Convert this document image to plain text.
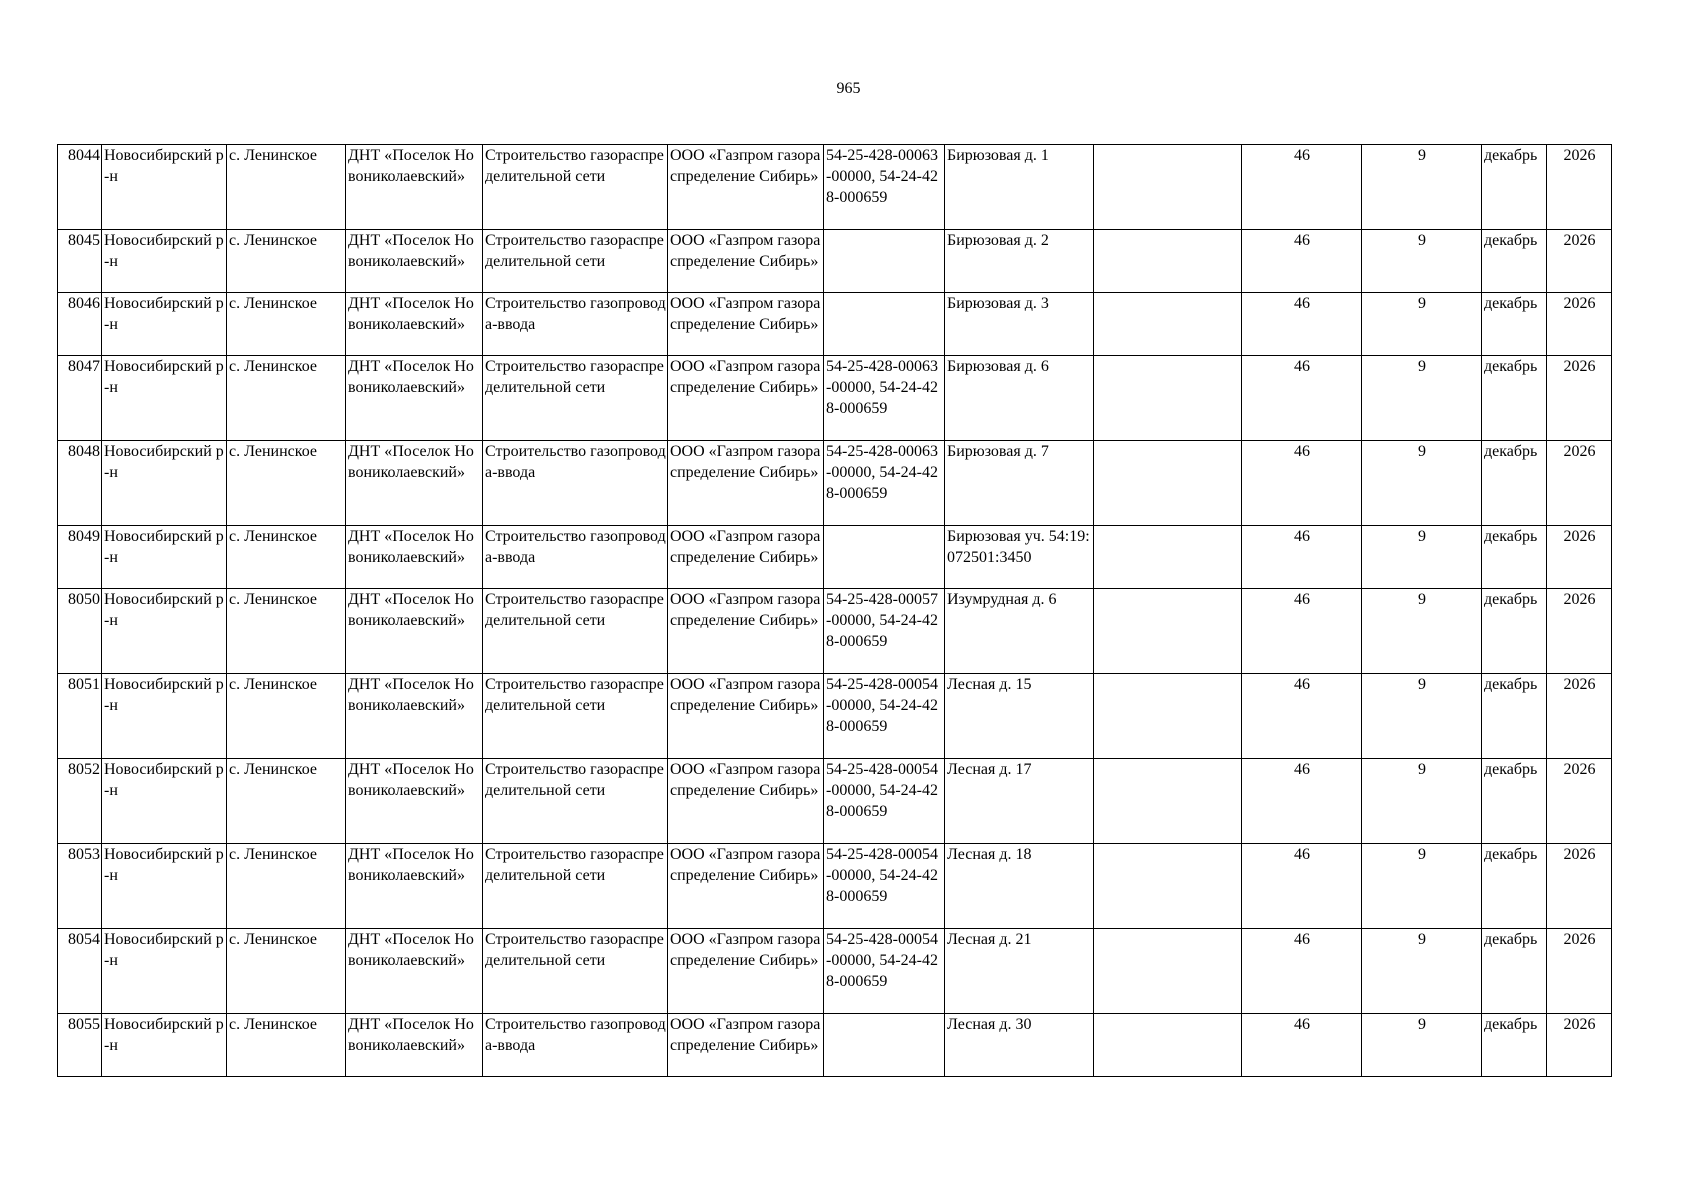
965
8044	Новосибирский р-н	с. Ленинское	ДНТ «Поселок Новониколаевский»	Строительство газораспределительной сети	ООО «Газпром газораспределение Сибирь»	54-25-428-00063-00000, 54-24-428-000659	Бирюзовая д. 1		46	9	декабрь	2026
8045	Новосибирский р-н	с. Ленинское	ДНТ «Поселок Новониколаевский»	Строительство газораспределительной сети	ООО «Газпром газораспределение Сибирь»		Бирюзовая д. 2		46	9	декабрь	2026
8046	Новосибирский р-н	с. Ленинское	ДНТ «Поселок Новониколаевский»	Строительство газопровода-ввода	ООО «Газпром газораспределение Сибирь»		Бирюзовая д. 3		46	9	декабрь	2026
8047	Новосибирский р-н	с. Ленинское	ДНТ «Поселок Новониколаевский»	Строительство газораспределительной сети	ООО «Газпром газораспределение Сибирь»	54-25-428-00063-00000, 54-24-428-000659	Бирюзовая д. 6		46	9	декабрь	2026
8048	Новосибирский р-н	с. Ленинское	ДНТ «Поселок Новониколаевский»	Строительство газопровода-ввода	ООО «Газпром газораспределение Сибирь»	54-25-428-00063-00000, 54-24-428-000659	Бирюзовая д. 7		46	9	декабрь	2026
8049	Новосибирский р-н	с. Ленинское	ДНТ «Поселок Новониколаевский»	Строительство газопровода-ввода	ООО «Газпром газораспределение Сибирь»		Бирюзовая уч. 54:19:072501:3450		46	9	декабрь	2026
8050	Новосибирский р-н	с. Ленинское	ДНТ «Поселок Новониколаевский»	Строительство газораспределительной сети	ООО «Газпром газораспределение Сибирь»	54-25-428-00057-00000, 54-24-428-000659	Изумрудная д. 6		46	9	декабрь	2026
8051	Новосибирский р-н	с. Ленинское	ДНТ «Поселок Новониколаевский»	Строительство газораспределительной сети	ООО «Газпром газораспределение Сибирь»	54-25-428-00054-00000, 54-24-428-000659	Лесная д. 15		46	9	декабрь	2026
8052	Новосибирский р-н	с. Ленинское	ДНТ «Поселок Новониколаевский»	Строительство газораспределительной сети	ООО «Газпром газораспределение Сибирь»	54-25-428-00054-00000, 54-24-428-000659	Лесная д. 17		46	9	декабрь	2026
8053	Новосибирский р-н	с. Ленинское	ДНТ «Поселок Новониколаевский»	Строительство газораспределительной сети	ООО «Газпром газораспределение Сибирь»	54-25-428-00054-00000, 54-24-428-000659	Лесная д. 18		46	9	декабрь	2026
8054	Новосибирский р-н	с. Ленинское	ДНТ «Поселок Новониколаевский»	Строительство газораспределительной сети	ООО «Газпром газораспределение Сибирь»	54-25-428-00054-00000, 54-24-428-000659	Лесная д. 21		46	9	декабрь	2026
8055	Новосибирский р-н	с. Ленинское	ДНТ «Поселок Новониколаевский»	Строительство газопровода-ввода	ООО «Газпром газораспределение Сибирь»		Лесная д. 30		46	9	декабрь	2026
